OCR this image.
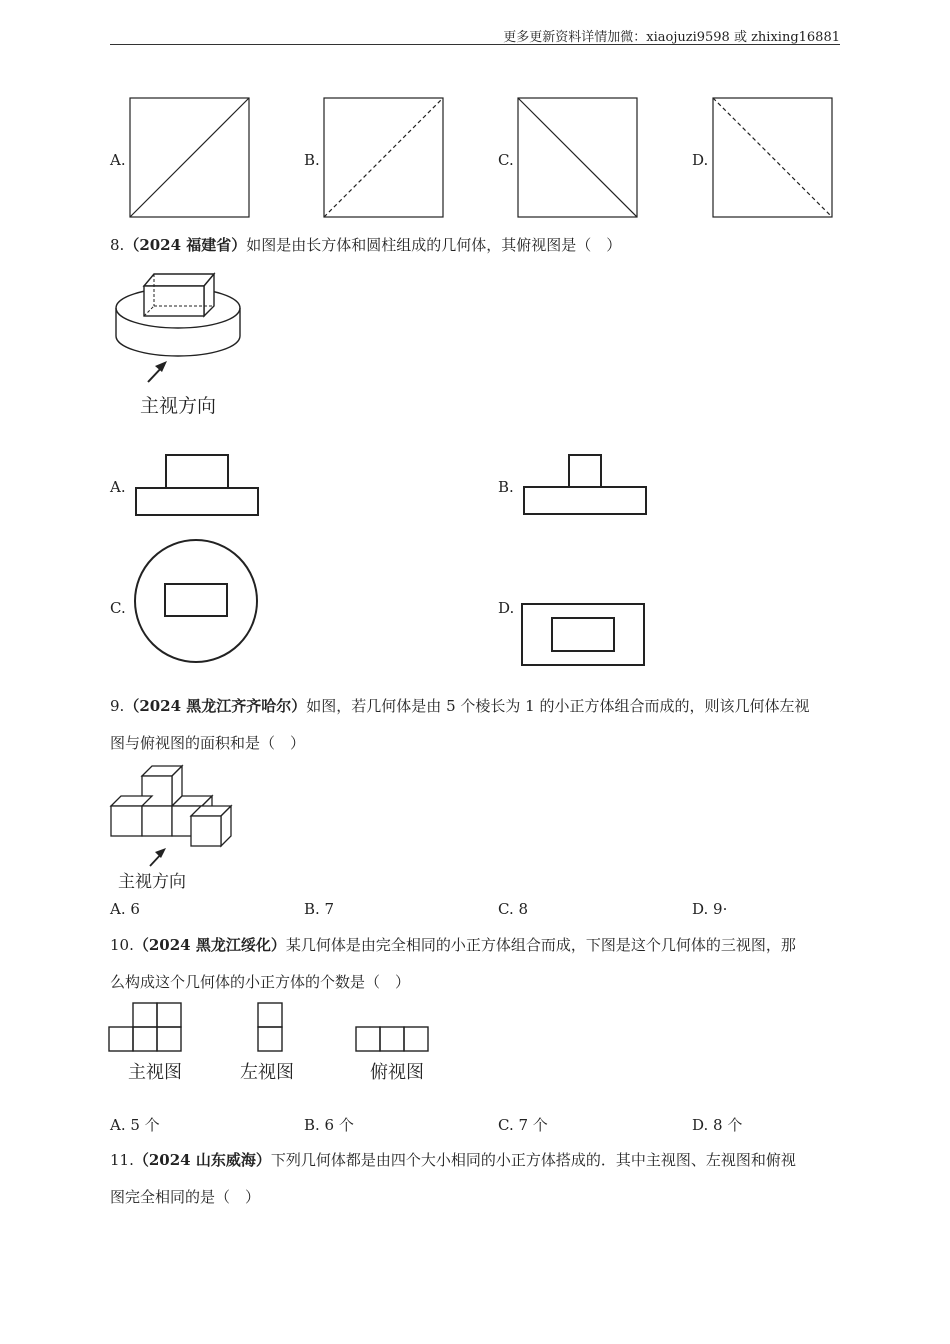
更多更新资料详情加微：xiaojuzi9598 或 zhixing16881
A.	B.	C.	D.
8.（2024 福建省）如图是由长方体和圆柱组成的几何体，其俯视图是（　）
主视方向
A.	B.
C.	D.
9.（2024 黑龙江齐齐哈尔）如图，若几何体是由 5 个棱长为 1 的小正方体组合而成的，则该几何体左视
图与俯视图的面积和是（　）
主视方向
A. 6	B. 7	C. 8	D. 9·
10.（2024 黑龙江绥化）某几何体是由完全相同的小正方体组合而成，下图是这个几何体的三视图，那
么构成这个几何体的小正方体的个数是（　）
主视图	左视图	俯视图
A. 5 个	B. 6 个	C. 7 个	D. 8 个
11.（2024 山东威海）下列几何体都是由四个大小相同的小正方体搭成的．其中主视图、左视图和俯视
图完全相同的是（　）
